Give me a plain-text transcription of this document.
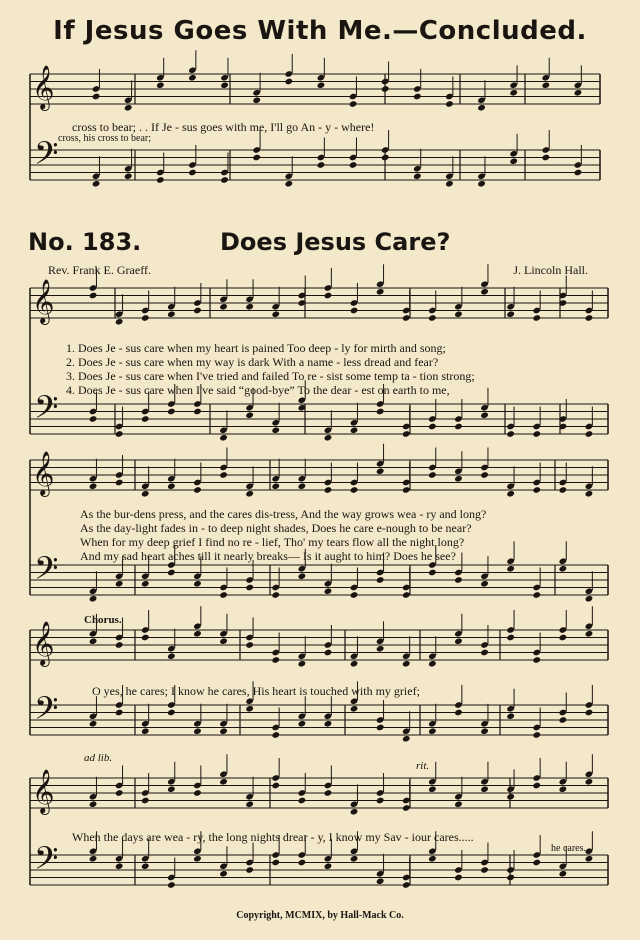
𝄞
𝄢
𝄞
𝄢
𝄞
𝄢
𝄞
𝄢
𝄞
𝄢
If Jesus Goes With Me.—Concluded.
cross to bear; . . If Je - sus goes with me, I'll go An - y - where!
cross, his cross to bear;
No. 183.	Does Jesus Care?
Rev. Frank E. Graeff.	J. Lincoln Hall.
1. Does Je - sus care when my heart is pained Too deep - ly for mirth and song;
2. Does Je - sus care when my way is dark With a name - less dread and fear?
3. Does Je - sus care when I've tried and failed To re - sist some temp ta - tion strong;
4. Does Je - sus care when I've said “good-bye” To the dear - est on earth to me,
As the bur-dens press, and the cares dis-tress, And the way grows wea - ry and long?
As the day-light fades in - to deep night shades, Does he care e-nough to be near?
When for my deep grief I find no re - lief, Tho' my tears flow all the night long?
And my sad heart aches till it nearly breaks— Is it aught to him? Does he see?
Chorus.
O yes, he cares; I know he cares, His heart is touched with my grief;
ad lib.
rit.
When the days are wea - ry, the long nights drear - y, I know my Sav - iour cares.....
he cares.
Copyright, MCMIX, by Hall-Mack Co.
